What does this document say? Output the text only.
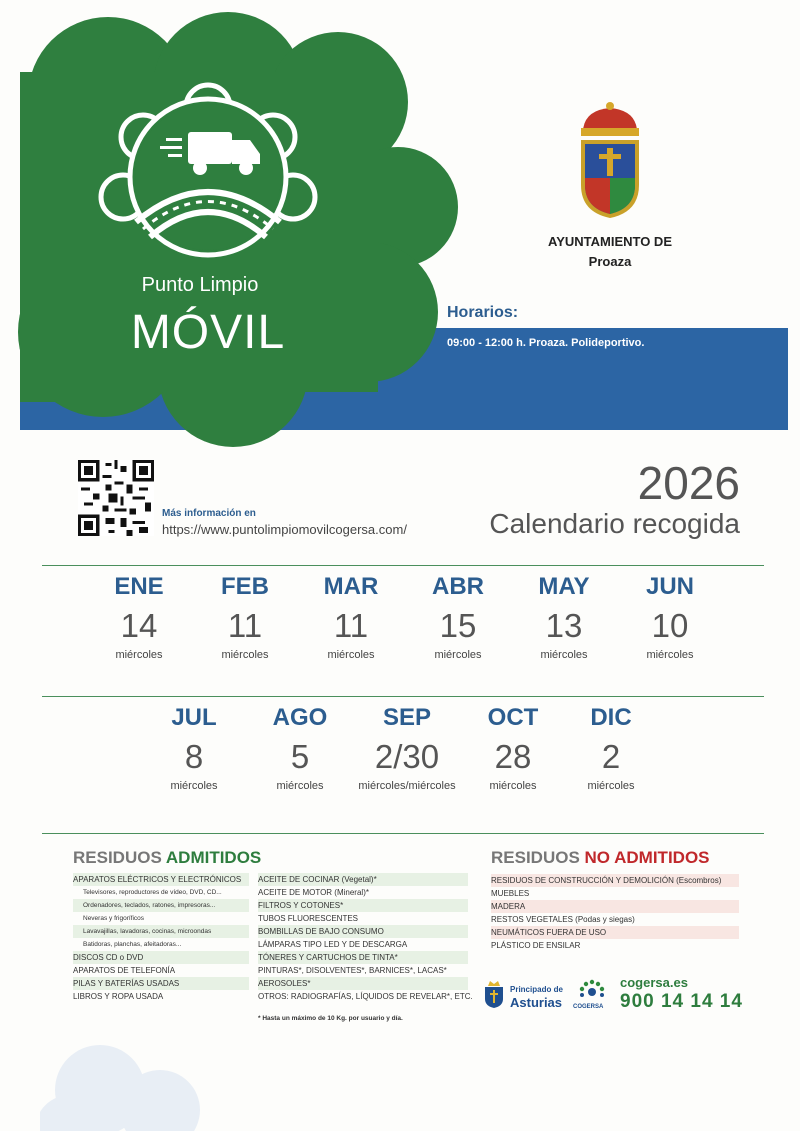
Punto Limpio
MÓVIL
AYUNTAMIENTO DE
Proaza
Horarios:
09:00 - 12:00 h. Proaza. Polideportivo.
Más información en
https://www.puntolimpiomovilcogersa.com/
2026
Calendario recogida
ENE
14
miércoles
FEB
11
miércoles
MAR
11
miércoles
ABR
15
miércoles
MAY
13
miércoles
JUN
10
miércoles
JUL
8
miércoles
AGO
5
miércoles
SEP
2/30
miércoles/miércoles
OCT
28
miércoles
DIC
2
miércoles
RESIDUOS ADMITIDOS
APARATOS ELÉCTRICOS Y ELECTRÓNICOS
Televisores, reproductores de vídeo, DVD, CD...
Ordenadores, teclados, ratones, impresoras...
Neveras y frigoríficos
Lavavajillas, lavadoras, cocinas, microondas
Batidoras, planchas, afeitadoras...
DISCOS CD o DVD
APARATOS DE TELEFONÍA
PILAS Y BATERÍAS USADAS
LIBROS Y ROPA USADA
ACEITE DE COCINAR (Vegetal)*
ACEITE DE MOTOR (Mineral)*
FILTROS Y COTONES*
TUBOS FLUORESCENTES
BOMBILLAS DE BAJO CONSUMO
LÁMPARAS TIPO LED Y DE DESCARGA
TÓNERES Y CARTUCHOS DE TINTA*
PINTURAS*, DISOLVENTES*, BARNICES*, LACAS*
AEROSOLES*
OTROS: RADIOGRAFÍAS, LÍQUIDOS DE REVELAR*, ETC.
* Hasta un máximo de 10 Kg. por usuario y día.
RESIDUOS NO ADMITIDOS
RESIDUOS DE CONSTRUCCIÓN Y DEMOLICIÓN (Escombros)
MUEBLES
MADERA
RESTOS VEGETALES (Podas y siegas)
NEUMÁTICOS FUERA DE USO
PLÁSTICO DE ENSILAR
Principado de
Asturias COGERSA
cogersa.es
900 14 14 14
